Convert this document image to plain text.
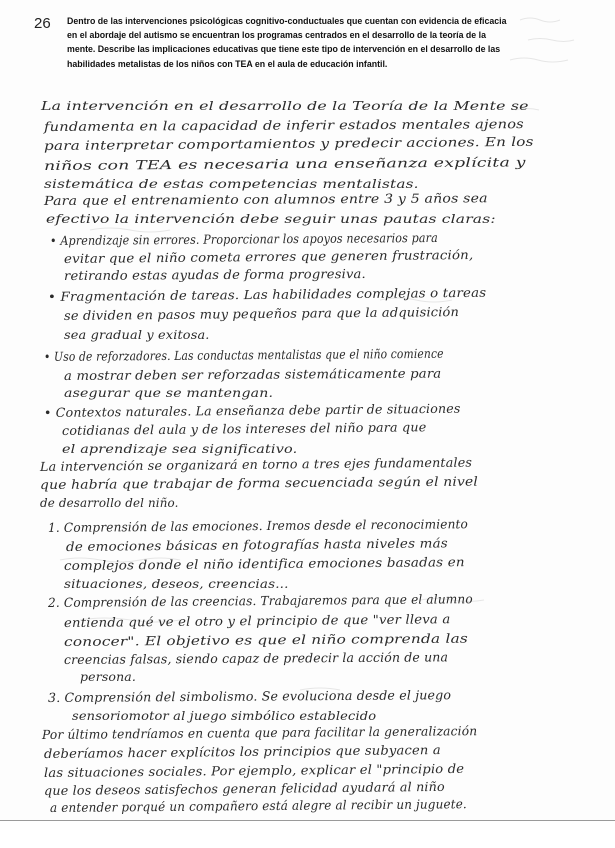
26 Dentro de las intervenciones psicológicas cognitivo-conductuales que cuentan con evidencia de eficacia en el abordaje del autismo se encuentran los programas centrados en el desarrollo de la teoría de la mente. Describe las implicaciones educativas que tiene este tipo de intervención en el desarrollo de las habilidades metalistas de los niños con TEA en el aula de educación infantil.

La intervención en el desarrollo de la Teoría de la Mente se

fundamenta en la capacidad de inferir estados mentales ajenos

para interpretar comportamientos y predecir acciones. En los

niños con TEA es necesaria una enseñanza explícita y

sistemática de estas competencias mentalistas.

Para que el entrenamiento con alumnos entre 3 y 5 años sea

efectivo la intervención debe seguir unas pautas claras:

• Aprendizaje sin errores. Proporcionar los apoyos necesarios para

evitar que el niño cometa errores que generen frustración,

retirando estas ayudas de forma progresiva.

• Fragmentación de tareas. Las habilidades complejas o tareas

se dividen en pasos muy pequeños para que la adquisición

sea gradual y exitosa.

• Uso de reforzadores. Las conductas mentalistas que el niño comience

a mostrar deben ser reforzadas sistemáticamente para

asegurar que se mantengan.

• Contextos naturales. La enseñanza debe partir de situaciones

cotidianas del aula y de los intereses del niño para que

el aprendizaje sea significativo.

La intervención se organizará en torno a tres ejes fundamentales

que habría que trabajar de forma secuenciada según el nivel

de desarrollo del niño.

1. Comprensión de las emociones. Iremos desde el reconocimiento

de emociones básicas en fotografías hasta niveles más

complejos donde el niño identifica emociones basadas en

situaciones, deseos, creencias...

2. Comprensión de las creencias. Trabajaremos para que el alumno

entienda qué ve el otro y el principio de que "ver lleva a

conocer". El objetivo es que el niño comprenda las

creencias falsas, siendo capaz de predecir la acción de una

persona.

3. Comprensión del simbolismo. Se evoluciona desde el juego

sensoriomotor al juego simbólico establecido

Por último tendríamos en cuenta que para facilitar la generalización

deberíamos hacer explícitos los principios que subyacen a

las situaciones sociales. Por ejemplo, explicar el "principio de

que los deseos satisfechos generan felicidad ayudará al niño

a entender porqué un compañero está alegre al recibir un juguete.
